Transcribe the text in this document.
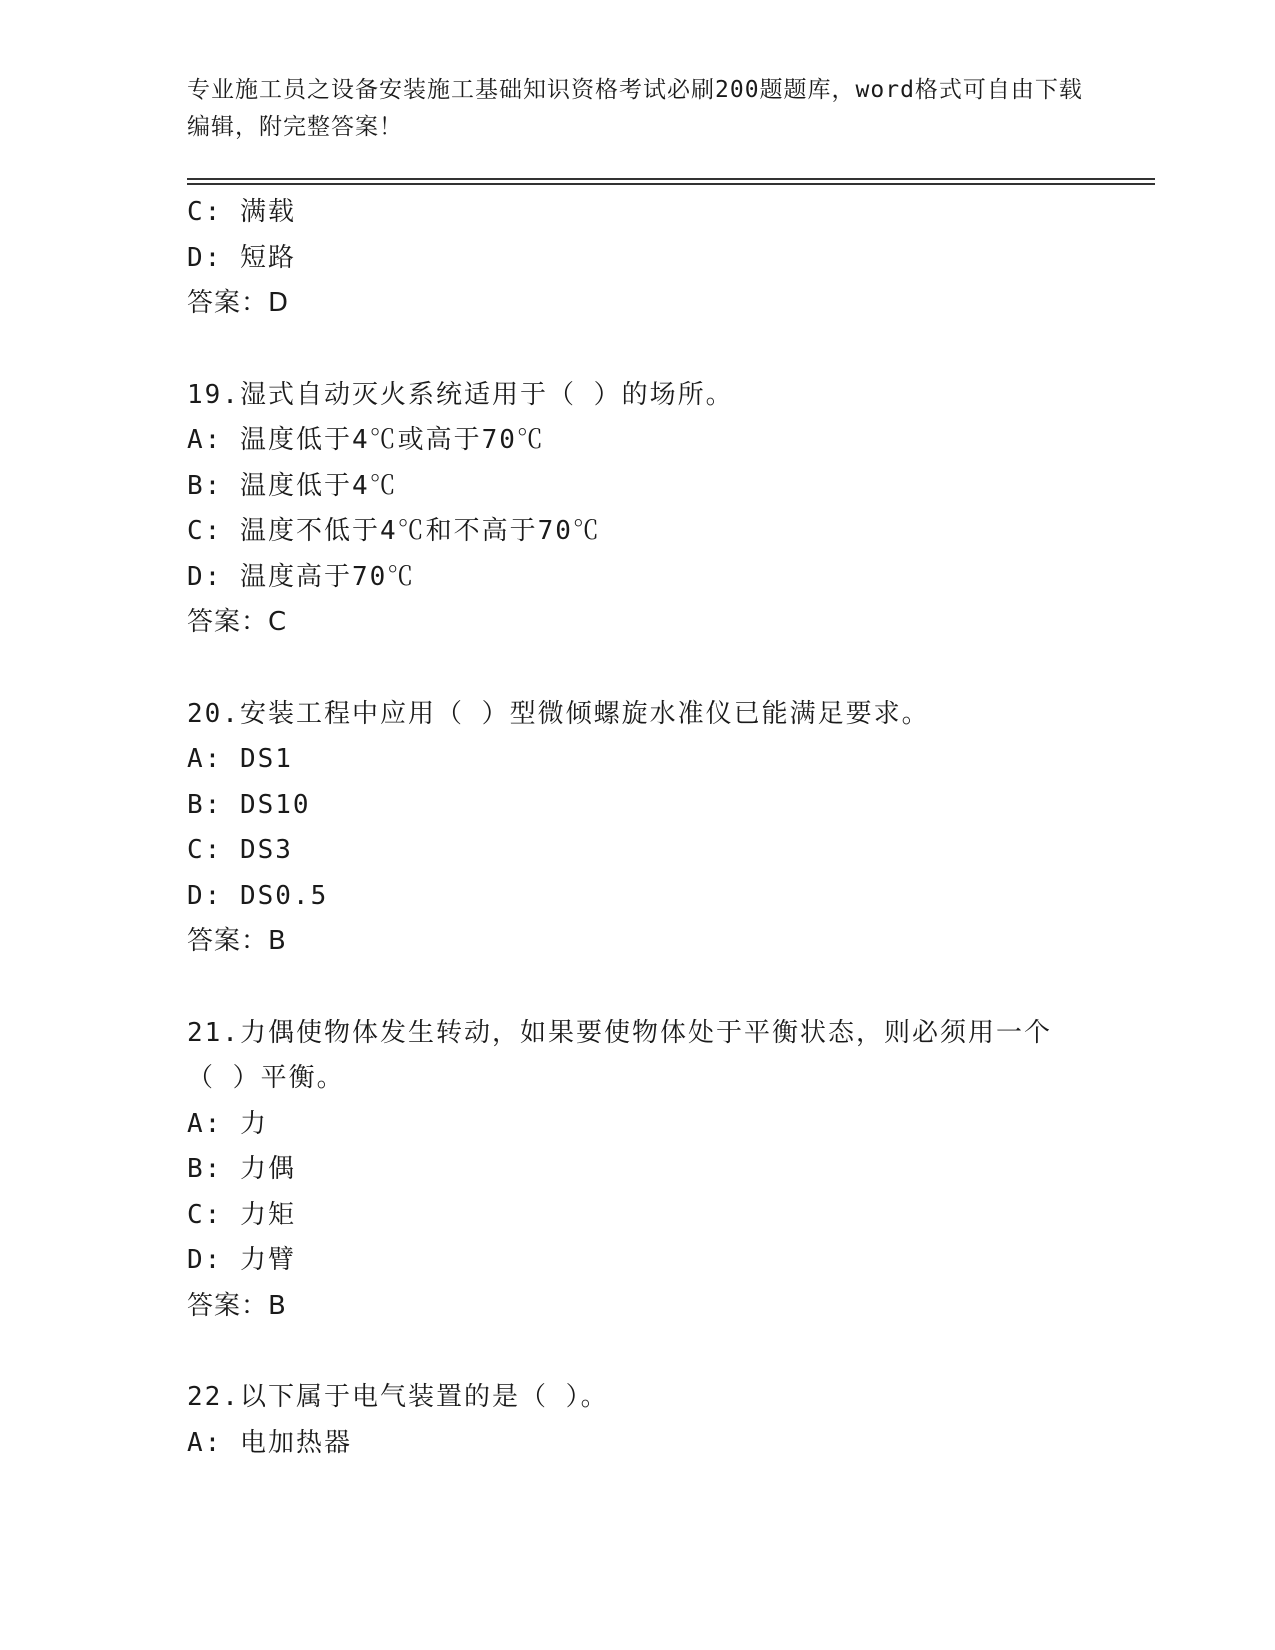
专业施工员之设备安装施工基础知识资格考试必刷200题题库，word格式可自由下载编辑，附完整答案！
C: 满载
D: 短路
答案：D
19.湿式自动灭火系统适用于（ ）的场所。
A: 温度低于4℃或高于70℃
B: 温度低于4℃
C: 温度不低于4℃和不高于70℃
D: 温度高于70℃
答案：C
20.安装工程中应用（ ）型微倾螺旋水准仪已能满足要求。
A: DS1
B: DS10
C: DS3
D: DS0.5
答案：B
21.力偶使物体发生转动，如果要使物体处于平衡状态，则必须用一个
（ ）平衡。
A: 力
B: 力偶
C: 力矩
D: 力臂
答案：B
22.以下属于电气装置的是（ ）。
A: 电加热器
